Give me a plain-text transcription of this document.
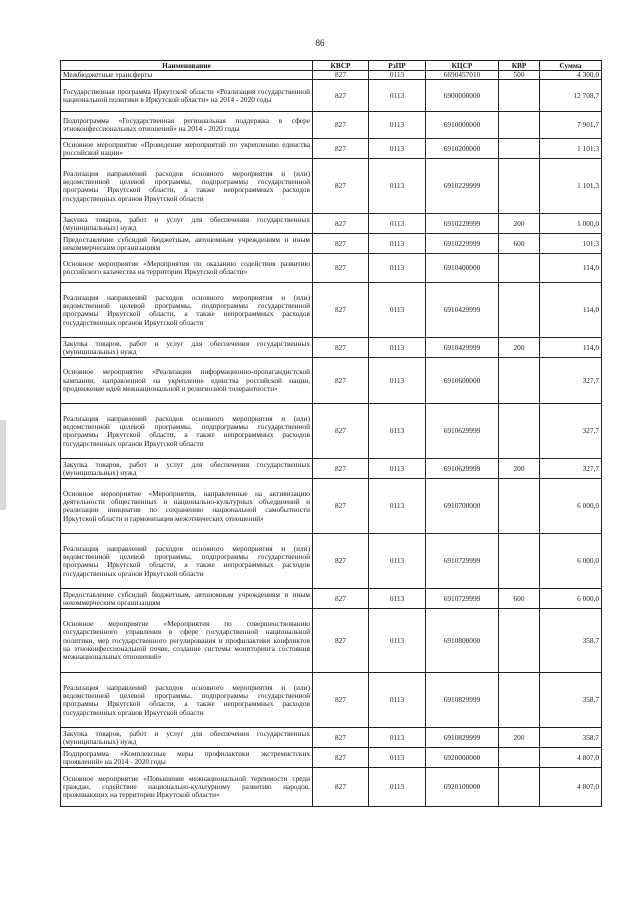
86
Наименование	КВСР	РзПР	КЦСР	КВР	Сумма
Межбюджетные трансферты	827	0113	6690457010	500	4 300,0
Государственная программа Иркутской области «Реализация государственной национальной политики в Иркутской области» на 2014 - 2020 годы	827	0113	6900000000		12 708,7
Подпрограмма «Государственная региональная поддержка в сфере этноконфессиональных отношений» на 2014 - 2020 годы	827	0113	6910000000		7 901,7
Основное мероприятие «Проведение мероприятий по укреплению единства российской нации»	827	0113	6910200000		1 101,3
Реализация направлений расходов основного мероприятия и (или) ведомственной целевой программы, подпрограммы государственной программы Иркутской области, а также непрограммных расходов государственных органов Иркутской области	827	0113	6910229999		1 101,3
Закупка товаров, работ и услуг для обеспечения государственных (муниципальных) нужд	827	0113	6910229999	200	1 000,0
Предоставление субсидий бюджетным, автономным учреждениям и иным некоммерческим организациям	827	0113	6910229999	600	101,3
Основное мероприятие «Мероприятия по оказанию содействия развитию российского казачества на территории Иркутской области»	827	0113	6910400000		114,0
Реализация направлений расходов основного мероприятия и (или) ведомственной целевой программы, подпрограммы государственной программы Иркутской области, а также непрограммных расходов государственных органов Иркутской области	827	0113	6910429999		114,0
Закупка товаров, работ и услуг для обеспечения государственных (муниципальных) нужд	827	0113	6910429999	200	114,0
Основное мероприятие «Реализация информационно-пропагандистской кампании, направленной на укрепление единства российской нации, продвижение идей межнациональной и религиозной толерантности»	827	0113	6910600000		327,7
Реализация направлений расходов основного мероприятия и (или) ведомственной целевой программы, подпрограммы государственной программы Иркутской области, а также непрограммных расходов государственных органов Иркутской области	827	0113	6910629999		327,7
Закупка товаров, работ и услуг для обеспечения государственных (муниципальных) нужд	827	0113	6910629999	200	327,7
Основное мероприятие «Мероприятия, направленные на активизацию деятельности общественных и национально-культурных объединений и реализации инициатив по сохранению национальной самобытности Иркутской области и гармонизация межэтнических отношений»	827	0113	6910700000		6 000,0
Реализация направлений расходов основного мероприятия и (или) ведомственной целевой программы, подпрограммы государственной программы Иркутской области, а также непрограммных расходов государственных органов Иркутской области	827	0113	6910729999		6 000,0
Предоставление субсидий бюджетным, автономным учреждениям и иным некоммерческим организациям	827	0113	6910729999	600	6 000,0
Основное мероприятие «Мероприятия по совершенствованию государственного управления в сфере государственной национальной политики, мер государственного регулирования и профилактики конфликтов на этноконфессиональной почве, создание системы мониторинга состояния межнациональных отношений»	827	0113	6910800000		358,7
Реализация направлений расходов основного мероприятия и (или) ведомственной целевой программы, подпрограммы государственной программы Иркутской области, а также непрограммных расходов государственных органов Иркутской области	827	0113	6910829999		358,7
Закупка товаров, работ и услуг для обеспечения государственных (муниципальных) нужд	827	0113	6910829999	200	358,7
Подпрограмма «Комплексные меры профилактики экстремистских проявлений» на 2014 - 2020 годы	827	0113	6920000000		4 807,0
Основное мероприятие «Повышение межнациональной терпимости среди граждан, содействие национально-культурному развитию народов, проживающих на территории Иркутской области»	827	0113	6920100000		4 807,0
